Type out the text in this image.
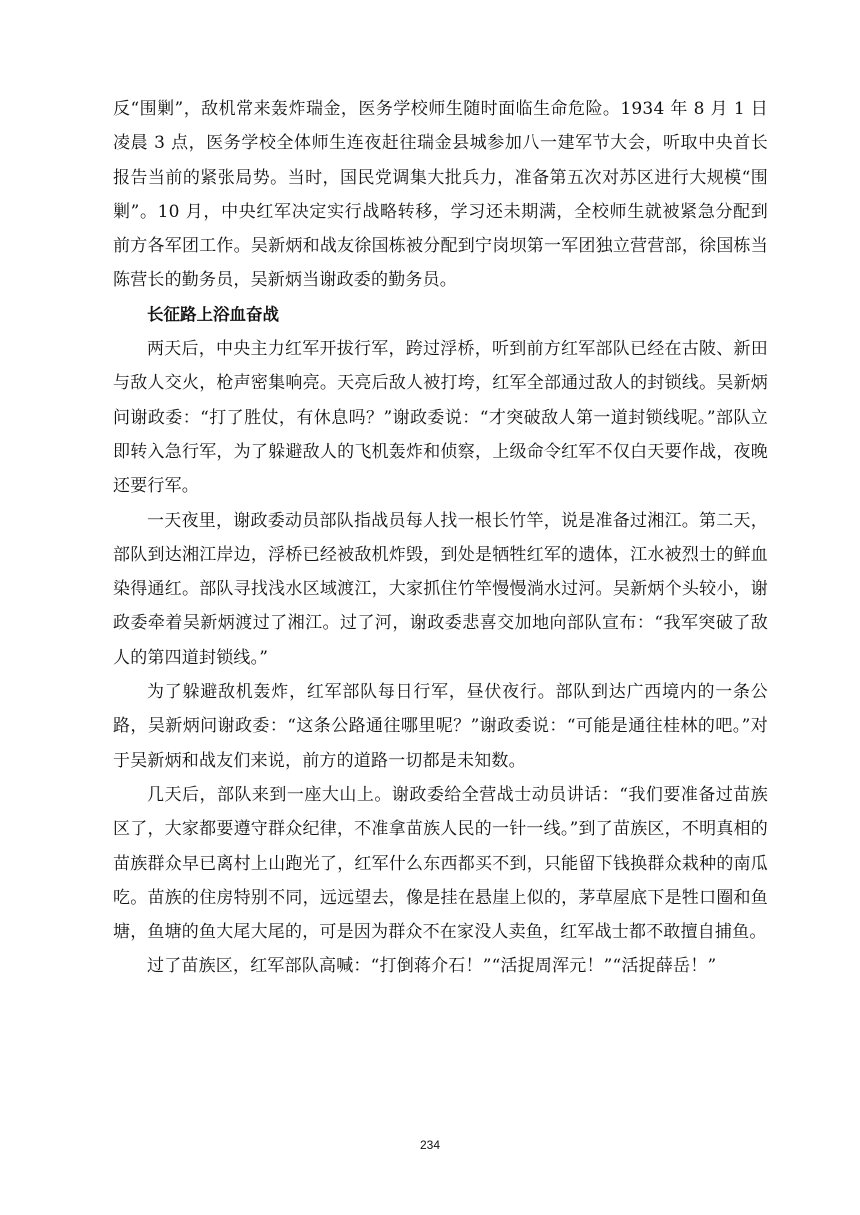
反“围剿”，敌机常来轰炸瑞金，医务学校师生随时面临生命危险。1934 年 8 月 1 日凌晨 3 点，医务学校全体师生连夜赶往瑞金县城参加八一建军节大会，听取中央首长报告当前的紧张局势。当时，国民党调集大批兵力，准备第五次对苏区进行大规模“围剿”。10 月，中央红军决定实行战略转移，学习还未期满，全校师生就被紧急分配到前方各军团工作。吴新炳和战友徐国栋被分配到宁岗坝第一军团独立营营部，徐国栋当陈营长的勤务员，吴新炳当谢政委的勤务员。

长征路上浴血奋战

两天后，中央主力红军开拔行军，跨过浮桥，听到前方红军部队已经在古陂、新田与敌人交火，枪声密集响亮。天亮后敌人被打垮，红军全部通过敌人的封锁线。吴新炳问谢政委：“打了胜仗，有休息吗？”谢政委说：“才突破敌人第一道封锁线呢。”部队立即转入急行军，为了躲避敌人的飞机轰炸和侦察，上级命令红军不仅白天要作战，夜晚还要行军。

一天夜里，谢政委动员部队指战员每人找一根长竹竿，说是准备过湘江。第二天，部队到达湘江岸边，浮桥已经被敌机炸毁，到处是牺牲红军的遗体，江水被烈士的鲜血染得通红。部队寻找浅水区域渡江，大家抓住竹竿慢慢淌水过河。吴新炳个头较小，谢政委牵着吴新炳渡过了湘江。过了河，谢政委悲喜交加地向部队宣布：“我军突破了敌人的第四道封锁线。”

为了躲避敌机轰炸，红军部队每日行军，昼伏夜行。部队到达广西境内的一条公路，吴新炳问谢政委：“这条公路通往哪里呢？”谢政委说：“可能是通往桂林的吧。”对于吴新炳和战友们来说，前方的道路一切都是未知数。

几天后，部队来到一座大山上。谢政委给全营战士动员讲话：“我们要准备过苗族区了，大家都要遵守群众纪律，不准拿苗族人民的一针一线。”到了苗族区，不明真相的苗族群众早已离村上山跑光了，红军什么东西都买不到，只能留下钱换群众栽种的南瓜吃。苗族的住房特别不同，远远望去，像是挂在悬崖上似的，茅草屋底下是牲口圈和鱼塘，鱼塘的鱼大尾大尾的，可是因为群众不在家没人卖鱼，红军战士都不敢擅自捕鱼。

过了苗族区，红军部队高喊：“打倒蒋介石！”“活捉周浑元！”“活捉薛岳！”

234
